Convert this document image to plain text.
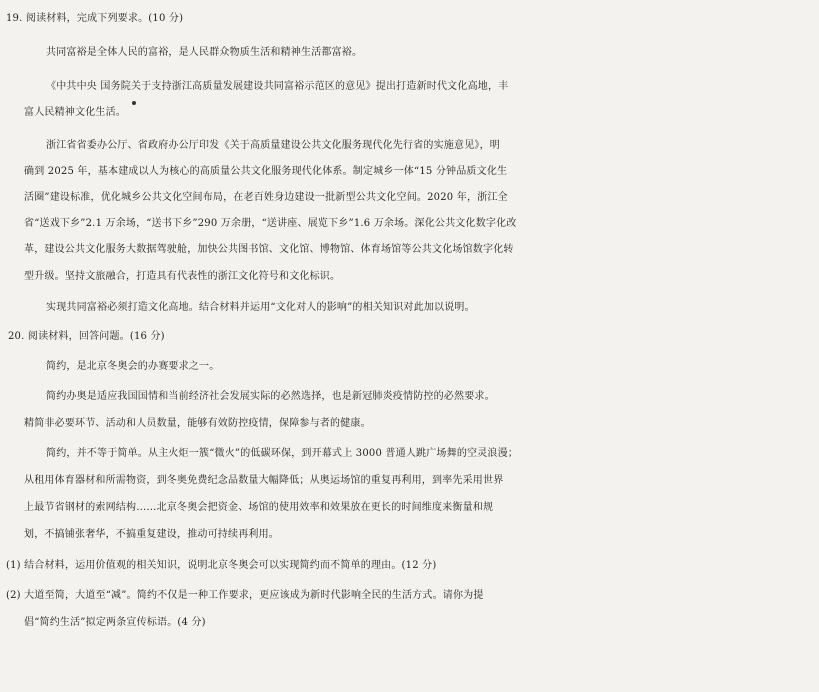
19. 阅读材料，完成下列要求。(10 分)
共同富裕是全体人民的富裕，是人民群众物质生活和精神生活都富裕。
《中共中央 国务院关于支持浙江高质量发展建设共同富裕示范区的意见》提出打造新时代文化高地，丰
富人民精神文化生活。
浙江省省委办公厅、省政府办公厅印发《关于高质量建设公共文化服务现代化先行省的实施意见》，明
确到 2025 年，基本建成以人为核心的高质量公共文化服务现代化体系。制定城乡一体“15 分钟品质文化生
活圈”建设标准，优化城乡公共文化空间布局，在老百姓身边建设一批新型公共文化空间。2020 年，浙江全
省“送戏下乡”2.1 万余场，“送书下乡”290 万余册，“送讲座、展览下乡”1.6 万余场。深化公共文化数字化改
革，建设公共文化服务大数据驾驶舱，加快公共图书馆、文化馆、博物馆、体育场馆等公共文化场馆数字化转
型升级。坚持文旅融合，打造具有代表性的浙江文化符号和文化标识。
实现共同富裕必须打造文化高地。结合材料并运用“文化对人的影响”的相关知识对此加以说明。
20. 阅读材料，回答问题。(16 分)
简约，是北京冬奥会的办赛要求之一。
简约办奥是适应我国国情和当前经济社会发展实际的必然选择，也是新冠肺炎疫情防控的必然要求。
精简非必要环节、活动和人员数量，能够有效防控疫情，保障参与者的健康。
简约，并不等于简单。从主火炬一簇“微火”的低碳环保，到开幕式上 3000 普通人跳广场舞的空灵浪漫；
从租用体育器材和所需物资，到冬奥免费纪念品数量大幅降低；从奥运场馆的重复再利用，到率先采用世界
上最节省钢材的索网结构……北京冬奥会把资金、场馆的使用效率和效果放在更长的时间维度来衡量和规
划，不搞铺张奢华，不搞重复建设，推动可持续再利用。
(1) 结合材料，运用价值观的相关知识，说明北京冬奥会可以实现简约而不简单的理由。(12 分)
(2) 大道至简，大道至“减”。简约不仅是一种工作要求，更应该成为新时代影响全民的生活方式。请你为提
倡“简约生活”拟定两条宣传标语。(4 分)
